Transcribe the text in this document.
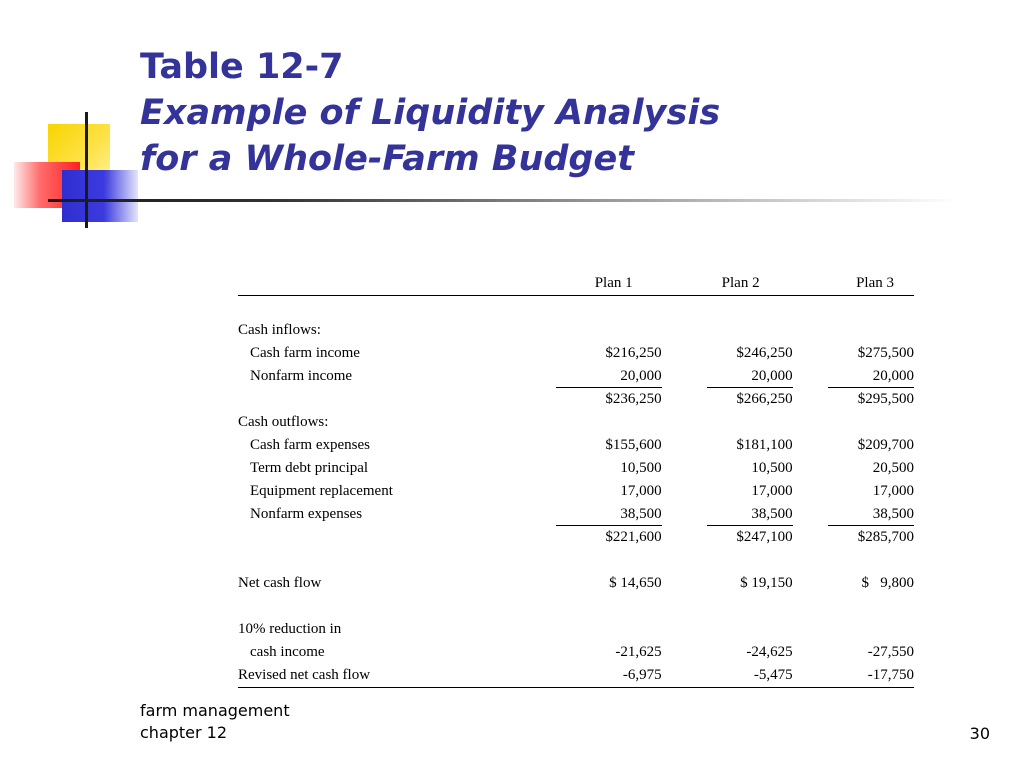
Table 12-7
Example of Liquidity Analysis
for a Whole-Farm Budget
	Plan 1	Plan 2	Plan 3

Cash inflows:			
Cash farm income	$216,250	$246,250	$275,500
Nonfarm income	20,000	20,000	20,000
	$236,250	$266,250	$295,500
Cash outflows:			
Cash farm expenses	$155,600	$181,100	$209,700
Term debt principal	10,500	10,500	20,500
Equipment replacement	17,000	17,000	17,000
Nonfarm expenses	38,500	38,500	38,500
	$221,600	$247,100	$285,700

Net cash flow	$ 14,650	$ 19,150	$   9,800

10% reduction in			
cash income	-21,625	-24,625	-27,550
Revised net cash flow	-6,975	-5,475	-17,750
farm management
chapter 12	30
